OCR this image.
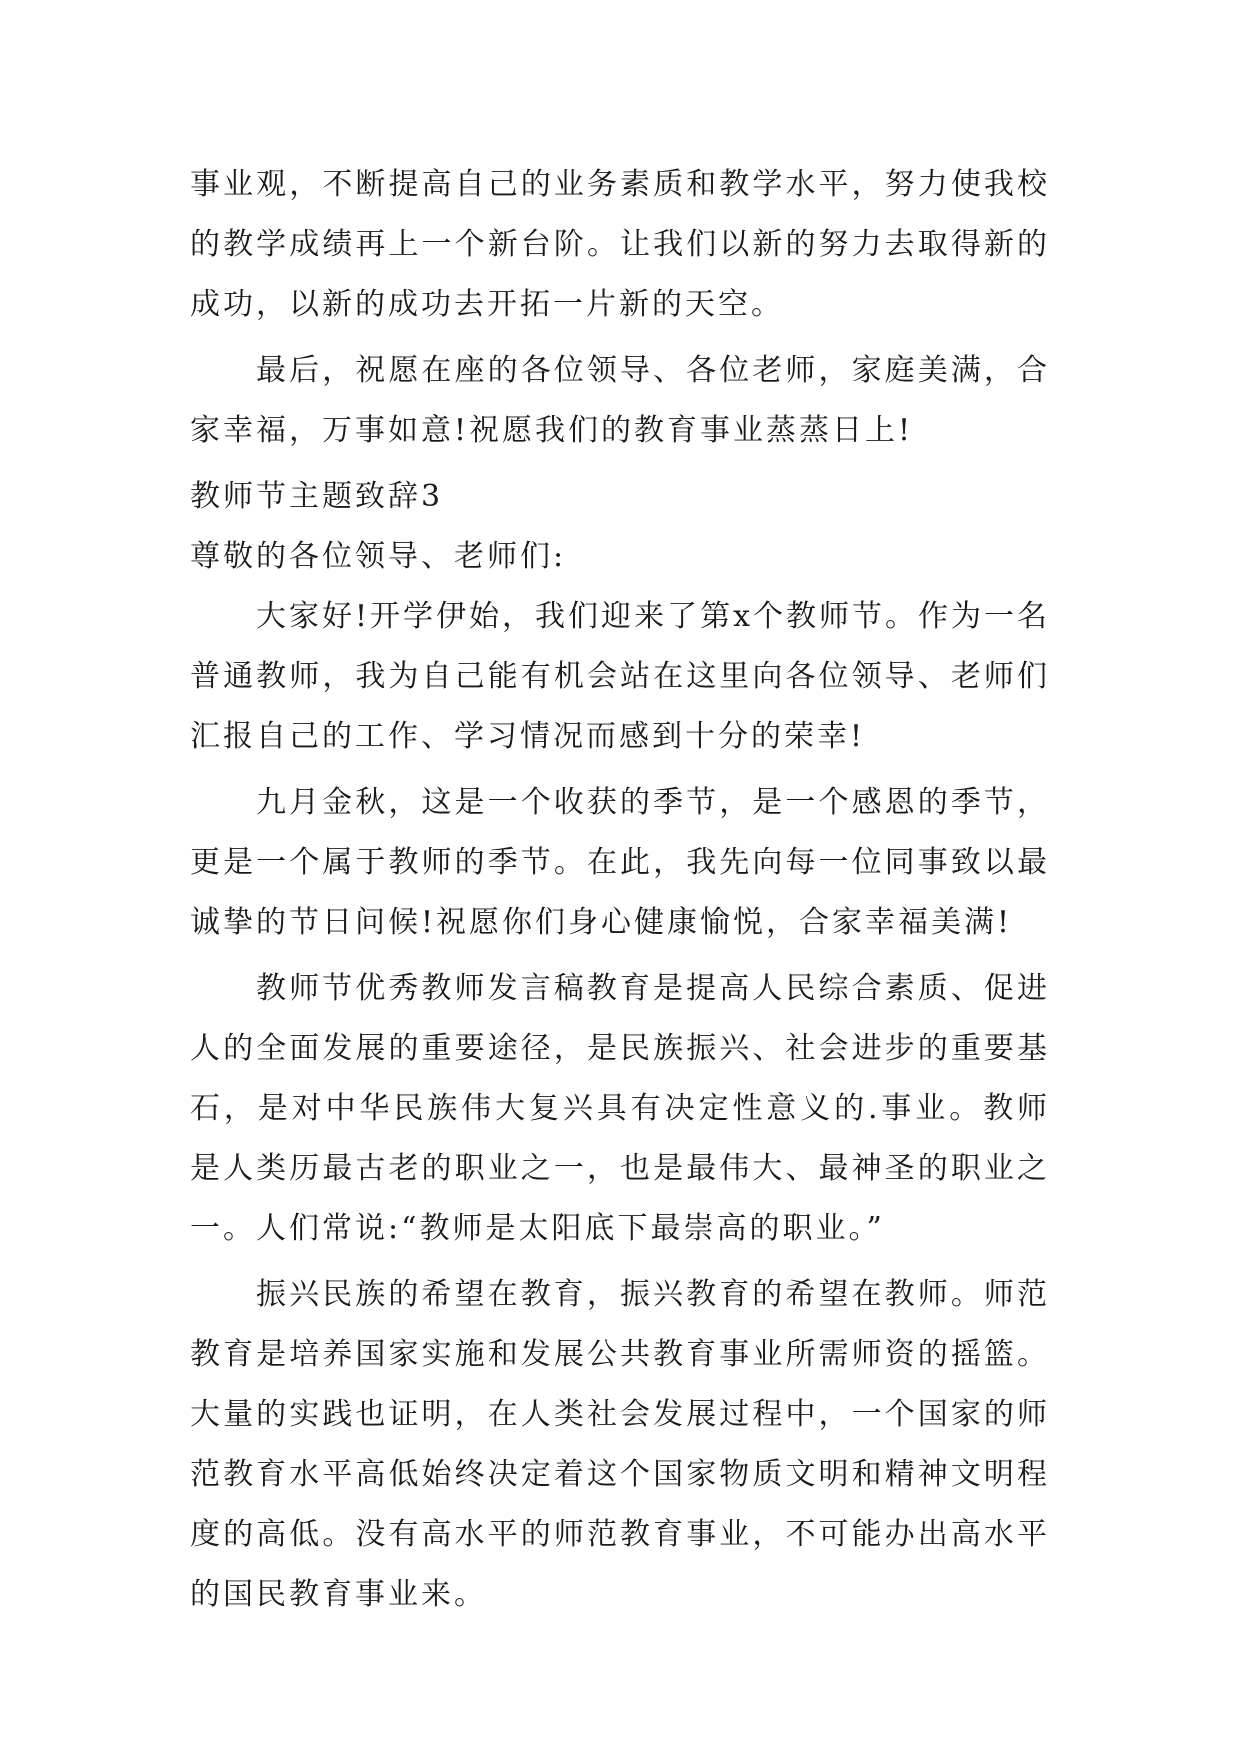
事业观，不断提高自己的业务素质和教学水平，努力使我校的教学成绩再上一个新台阶。让我们以新的努力去取得新的成功，以新的成功去开拓一片新的天空。

最后，祝愿在座的各位领导、各位老师，家庭美满，合家幸福，万事如意!祝愿我们的教育事业蒸蒸日上!

教师节主题致辞3

尊敬的各位领导、老师们:

大家好!开学伊始，我们迎来了第x个教师节。作为一名普通教师，我为自己能有机会站在这里向各位领导、老师们汇报自己的工作、学习情况而感到十分的荣幸!

九月金秋，这是一个收获的季节，是一个感恩的季节，更是一个属于教师的季节。在此，我先向每一位同事致以最诚挚的节日问候!祝愿你们身心健康愉悦，合家幸福美满!

教师节优秀教师发言稿教育是提高人民综合素质、促进人的全面发展的重要途径，是民族振兴、社会进步的重要基石，是对中华民族伟大复兴具有决定性意义的.事业。教师是人类历最古老的职业之一，也是最伟大、最神圣的职业之一。人们常说:“教师是太阳底下最崇高的职业。”

振兴民族的希望在教育，振兴教育的希望在教师。师范教育是培养国家实施和发展公共教育事业所需师资的摇篮。大量的实践也证明，在人类社会发展过程中，一个国家的师范教育水平高低始终决定着这个国家物质文明和精神文明程度的高低。没有高水平的师范教育事业，不可能办出高水平的国民教育事业来。
